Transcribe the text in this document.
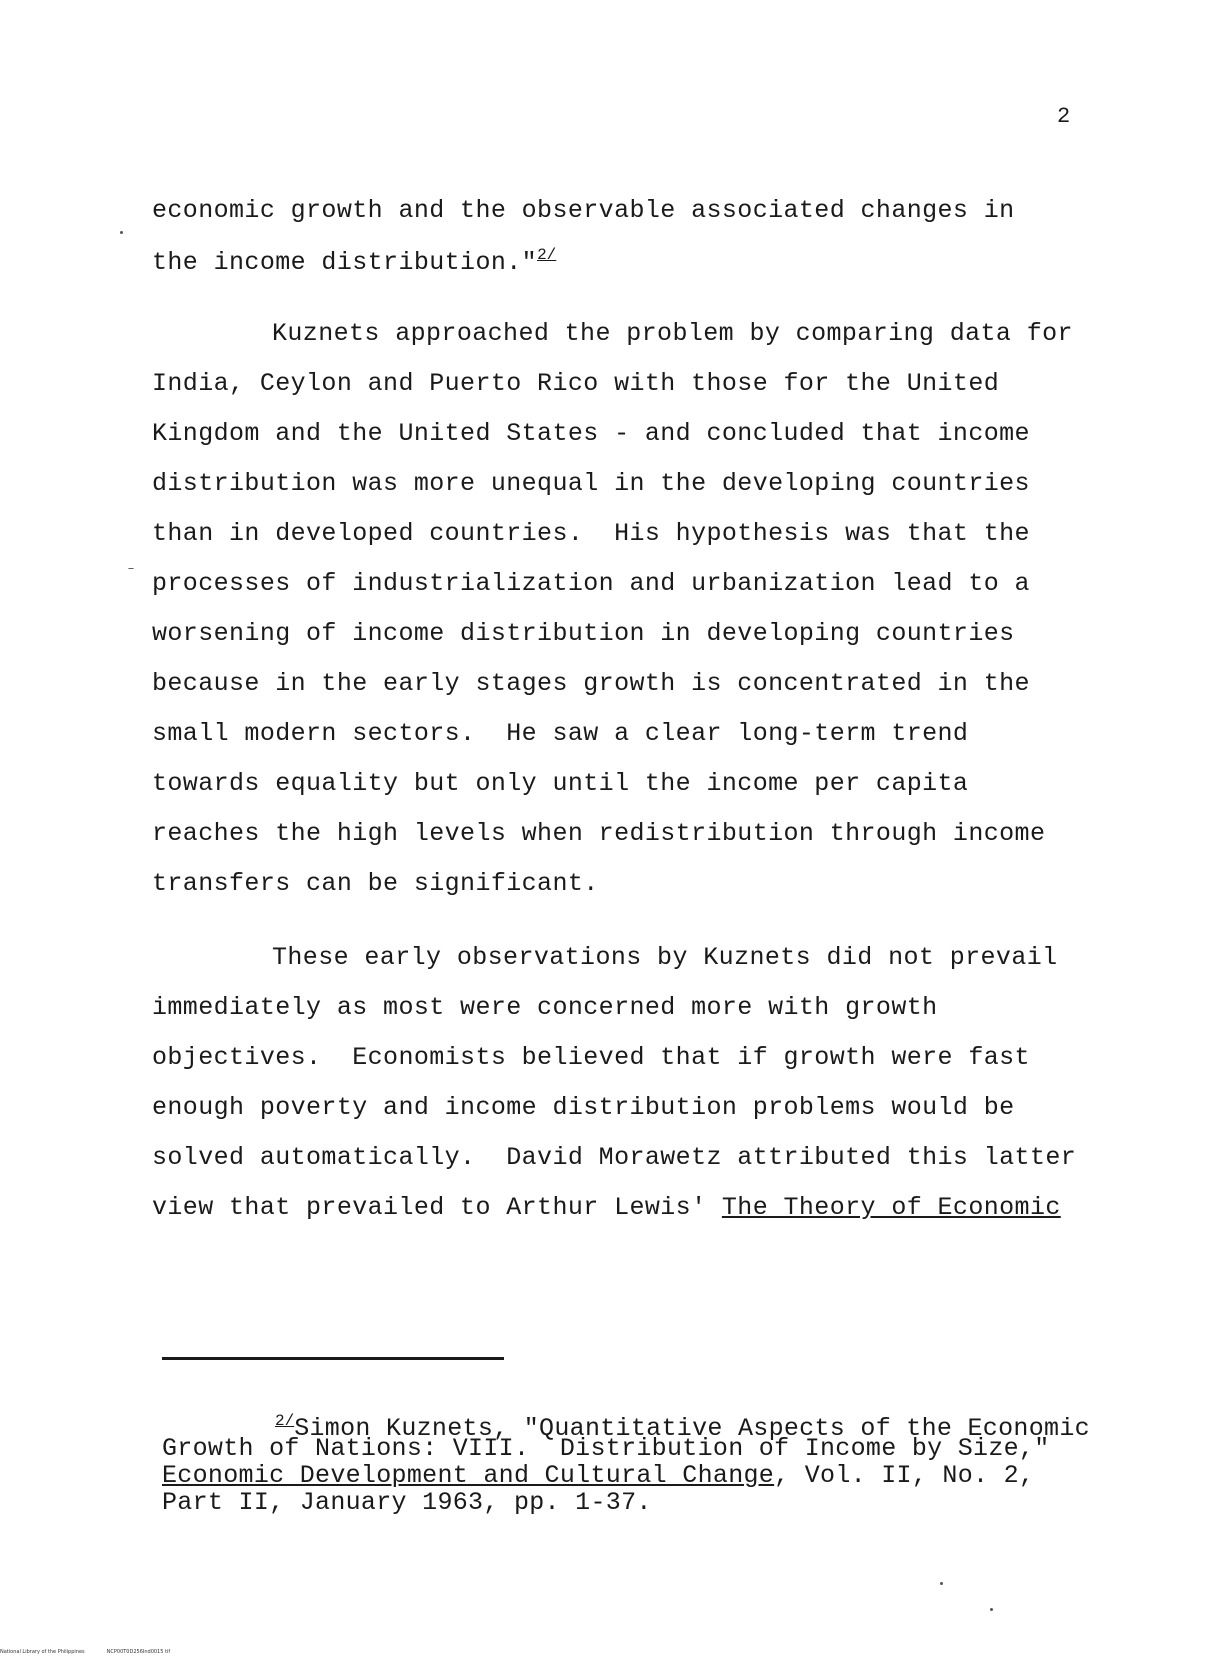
2
economic growth and the observable associated changes in
the income distribution."$^{2/}$
Kuznets approached the problem by comparing data for
India, Ceylon and Puerto Rico with those for the United
Kingdom and the United States - and concluded that income
distribution was more unequal in the developing countries
than in developed countries.  His hypothesis was that the
processes of industrialization and urbanization lead to a
worsening of income distribution in developing countries
because in the early stages growth is concentrated in the
small modern sectors.  He saw a clear long-term trend
towards equality but only until the income per capita
reaches the high levels when redistribution through income
transfers can be significant.
These early observations by Kuznets did not prevail
immediately as most were concerned more with growth
objectives.  Economists believed that if growth were fast
enough poverty and income distribution problems would be
solved automatically.  David Morawetz attributed this latter
view that prevailed to Arthur Lewis' The Theory of Economic
$^{2/}$Simon Kuznets, "Quantitative Aspects of the Economic
Growth of Nations: VIII.  Distribution of Income by Size,"
Economic Development and Cultural Change, Vol. II, No. 2,
Part II, January 1963, pp. 1-37.
National Library of the Philippines	NCP00T0D256Ind0015 tif
